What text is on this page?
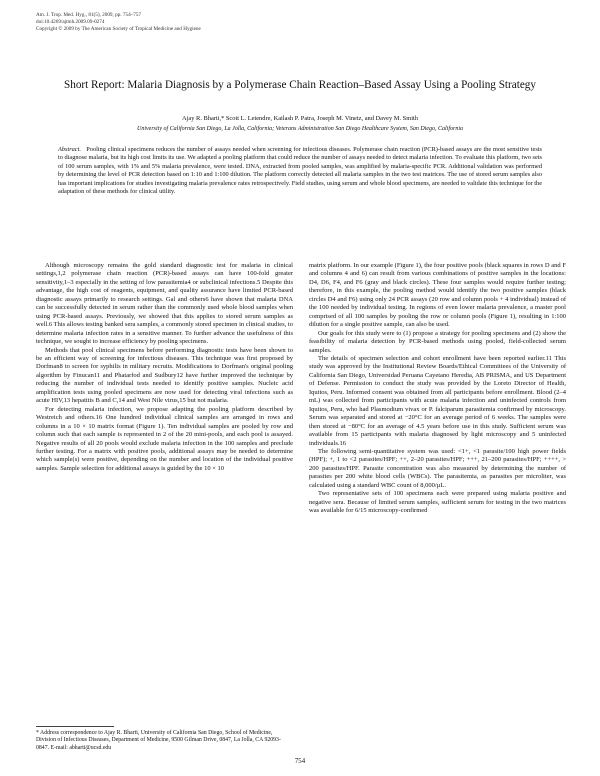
Am. J. Trop. Med. Hyg., 81(5), 2009, pp. 754–757
doi:10.4269/ajtmh.2009.09-0274
Copyright © 2009 by The American Society of Tropical Medicine and Hygiene
Short Report: Malaria Diagnosis by a Polymerase Chain Reaction–Based Assay Using a Pooling Strategy
Ajay R. Bharti,* Scott L. Letendre, Kailash P. Patra, Joseph M. Vinetz, and Davey M. Smith
University of California San Diego, La Jolla, California; Veterans Administration San Diego Healthcare System, San Diego, California
Abstract. Pooling clinical specimens reduces the number of assays needed when screening for infectious diseases. Polymerase chain reaction (PCR)-based assays are the most sensitive tests to diagnose malaria, but its high cost limits its use. We adapted a pooling platform that could reduce the number of assays needed to detect malaria infection. To evaluate this platform, two sets of 100 serum samples, with 1% and 5% malaria prevalence, were tested. DNA, extracted from pooled samples, was amplified by malaria-specific PCR. Additional validation was performed by determining the level of PCR detection based on 1:10 and 1:100 dilution. The platform correctly detected all malaria samples in the two test matrices. The use of stored serum samples also has important implications for studies investigating malaria prevalence rates retrospectively. Field studies, using serum and whole blood specimens, are needed to validate this technique for the adaptation of these methods for clinical utility.

Although microscopy remains the gold standard diagnostic test for malaria in clinical settings,1,2 polymerase chain reaction (PCR)-based assays can have 100-fold greater sensitivity,1–3 especially in the setting of low parasitemia4 or subclinical infections.5 Despite this advantage, the high cost of reagents, equipment, and quality assurance have limited PCR-based diagnostic assays primarily to research settings. Gal and others6 have shown that malaria DNA can be successfully detected in serum rather than the commonly used whole blood samples when using PCR-based assays. Previously, we showed that this applies to stored serum samples as well.6 This allows testing banked sera samples, a commonly stored specimen in clinical studies, to determine malaria infection rates in a sensitive manner. To further advance the usefulness of this technique, we sought to increase efficiency by pooling specimens.

Methods that pool clinical specimens before performing diagnostic tests have been shown to be an efficient way of screening for infectious diseases. This technique was first proposed by Dorfman8 to screen for syphilis in military recruits. Modifications to Dorfman's original pooling algorithm by Finucan11 and Phatarfod and Sudbury12 have further improved the technique by reducing the number of individual tests needed to identify positive samples. Nucleic acid amplification tests using pooled specimens are now used for detecting viral infections such as acute HIV,13 hepatitis B and C,14 and West Nile virus,15 but not malaria.

For detecting malaria infection, we propose adapting the pooling platform described by Westreich and others.16 One hundred individual clinical samples are arranged in rows and columns in a 10 × 10 matrix format (Figure 1). Ten individual samples are pooled by row and column such that each sample is represented in 2 of the 20 mini-pools, and each pool is assayed. Negative results of all 20 pools would exclude malaria infection in the 100 samples and preclude further testing. For a matrix with positive pools, additional assays may be needed to determine which sample(s) were positive, depending on the number and location of the individual positive samples. Sample selection for additional assays is guided by the 10 × 10

matrix platform. In our example (Figure 1), the four positive pools (black squares in rows D and F and columns 4 and 6) can result from various combinations of positive samples in the locations: D4, D6, F4, and F6 (gray and black circles). These four samples would require further testing; therefore, in this example, the pooling method would identify the two positive samples (black circles D4 and F6) using only 24 PCR assays (20 row and column pools + 4 individual) instead of the 100 needed by individual testing. In regions of even lower malaria prevalence, a master pool comprised of all 100 samples by pooling the row or column pools (Figure 1), resulting in 1:100 dilution for a single positive sample, can also be used.

Our goals for this study were to (1) propose a strategy for pooling specimens and (2) show the feasibility of malaria detection by PCR-based methods using pooled, field-collected serum samples.

The details of specimen selection and cohort enrollment have been reported earlier.11 This study was approved by the Institutional Review Boards/Ethical Committees of the University of California San Diego, Universidad Peruana Cayetano Heredia, AB PRISMA, and US Department of Defense. Permission to conduct the study was provided by the Loreto Director of Health, Iquitos, Peru. Informed consent was obtained from all participants before enrollment. Blood (2–4 mL) was collected from participants with acute malaria infection and uninfected controls from Iquitos, Peru, who had Plasmodium vivax or P. falciparum parasitemia confirmed by microscopy. Serum was separated and stored at −20°C for an average period of 6 weeks. The samples were then stored at −80°C for an average of 4.5 years before use in this study. Sufficient serum was available from 15 participants with malaria diagnosed by light microscopy and 5 uninfected individuals.16

The following semi-quantitative system was used: <1+, <1 parasite/100 high power fields (HPF); +, 1 to <2 parasites/HPF; ++, 2–20 parasites/HPF; +++, 21–200 parasites/HPF; ++++, > 200 parasites/HPF. Parasite concentration was also measured by determining the number of parasites per 200 white blood cells (WBCs). The parasitemia, as parasites per microliter, was calculated using a standard WBC count of 8,000/µL.

Two representative sets of 100 specimens each were prepared using malaria positive and negative sera. Because of limited serum samples, sufficient serum for testing in the two matrices was available for 6/15 microscopy-confirmed

* Address correspondence to Ajay R. Bharti, University of California San Diego, School of Medicine, Division of Infectious Diseases, Department of Medicine, 9500 Gilman Drive, 0847, La Jolla, CA 92093-0847. E-mail: abharti@ucsd.edu
754
